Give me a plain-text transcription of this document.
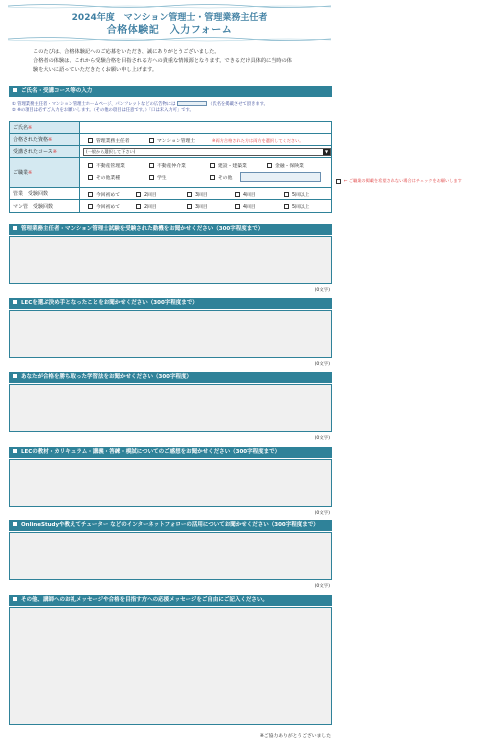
2024年度　マンション管理士・管理業務主任者
合格体験記　入力フォーム

このたびは、合格体験記へのご応募をいただき、誠にありがとうございました。

合格者の体験は、これから受験合格を目指される方への貴重な情報源となります。できるだけ具体的に当時の体

験を大いに語っていただきたくお願い申し上げます。

ご氏名・受講コース等の入力
① 管理業務主任者・マンション管理士ホームページ、パンフレットなどの広告物には	（氏名を掲載させて頂きます。
② ※の項目は必ずご入力をお願いします。（その他の項目は任意です。）「口は未入力可」です。
ご氏名 ※
合格された資格 ※	管理業務主任者	マンション管理士	※両方合格された方は両方を選択してください。
受講されたコース ※	(一般から選択して下さい)	▼
ご職業 ※
不動産管理業	不動産仲介業	建設・建築業	金融・保険業
その他業種	学生	その他
管業　受験回数	今回初めて	2回目	3回目	4回目	5回以上
マン管　受験回数	今回初めて	2回目	3回目	4回目	5回以上
← ご職業の掲載を希望されない場合はチェックをお願いします
管理業務主任者・マンション管理士試験を受験された動機をお聞かせください（300字程度まで）
(0文字)
LECを選ぶ決め手となったことをお聞かせください（300字程度まで）
(0文字)
あなたが合格を勝ち取った学習法をお聞かせください（300字程度）
(0文字)
LECの教材・カリキュラム・講義・答練・模試についてのご感想をお聞かせください（300字程度まで）
(0文字)
OnlineStudyや教えてチューター などのインターネットフォローの活用についてお聞かせください（300字程度まで）
(0文字)
その他、講師へのお礼メッセージや合格を目指す方への応援メッセージをご自由にご記入ください。
※ご協力ありがとうございました
